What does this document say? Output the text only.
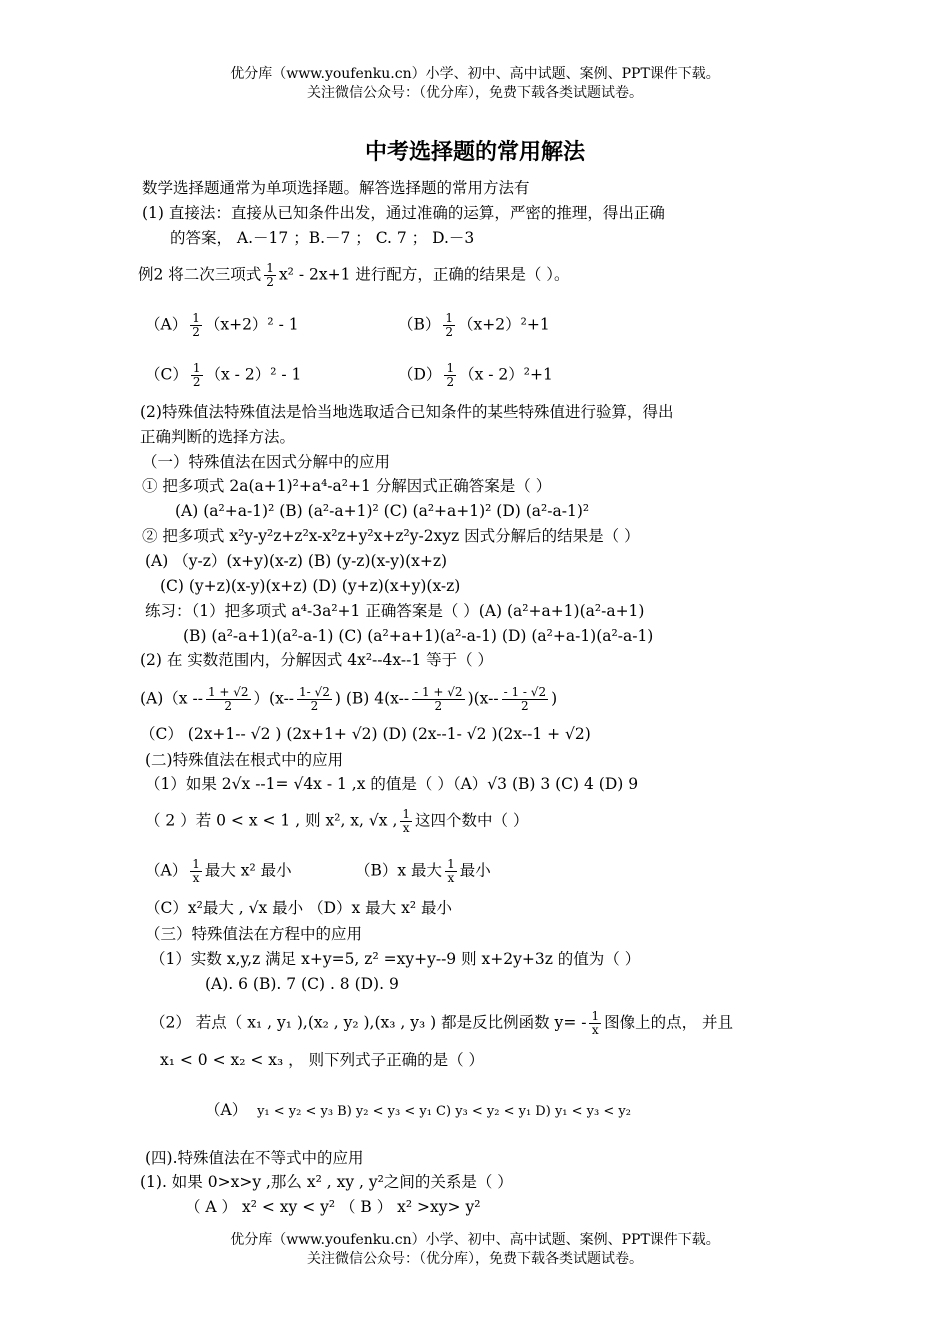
优分库（www.youfenku.cn）小学、初中、高中试题、案例、PPT课件下载。
关注微信公众号：（优分库），免费下载各类试题试卷。
中考选择题的常用解法
数学选择题通常为单项选择题。解答选择题的常用方法有
(1) 直接法：直接从已知条件出发，通过准确的运算，严密的推理，得出正确
的答案， A.－17 ；B.－7 ； C. 7 ； D.－3
例2 将二次三项式 $\frac{1}{2} x^2 - 2x+1$ 进行配方，正确的结果是（ ）。
$(A) \frac{1}{2} (x+2)^2 - 1$	$(B) \frac{1}{2} (x+2)^2+1$
$(C) \frac{1}{2} (x - 2)^2 - 1$	$(D) \frac{1}{2} (x - 2)^2+1$
(2)特殊值法特殊值法是恰当地选取适合已知条件的某些特殊值进行验算，得出
正确判断的选择方法。
（一）特殊值法在因式分解中的应用
① 把多项式 2a(a+1)²+a⁴-a²+1 分解因式正确答案是（ ）
(A) (a²+a-1)² (B) (a²-a+1)² (C) (a²+a+1)² (D) (a²-a-1)²
② 把多项式 x²y-y²z+z²x-x²z+y²x+z²y-2xyz 因式分解后的结果是（ ）
(A) （y-z）(x+y)(x-z) (B) (y-z)(x-y)(x+z)
(C) (y+z)(x-y)(x+z) (D) (y+z)(x+y)(x-z)
练习：（1）把多项式 a⁴-3a²+1 正确答案是（ ）(A) (a²+a+1)(a²-a+1)
(B) (a²-a+1)(a²-a-1) (C) (a²+a+1)(a²-a-1) (D) (a²+a-1)(a²-a-1)
(2) 在 实数范围内，分解因式 4x²--4x--1 等于（ ）
$(A)(x -- \frac{1 + √2}{2} )(x-- \frac{1- √2}{2}$ ) (B) $4(x-- \frac{- 1 + √2}{2} )(x-- \frac{- 1 - √2}{2}$ )
（C） (2x+1-- √2 ) (2x+1+ √2) (D) (2x--1- √2 )(2x--1 + √2)
(二)特殊值法在根式中的应用
（1）如果 2√x --1= √4x - 1 ,x 的值是（ ）（A）√3 (B) 3 (C) 4 (D) 9
（ 2 ）若 0 < x < 1 , 则 x², x, √x , $\frac{1}{x}$ 这四个数中（ ）
$(A) \frac{1}{x}$ 最大 x² 最小	（B）x 最大 $\frac{1}{x}$ 最小
（C）x²最大 , √x 最小 （D）x 最大 x² 最小
（三）特殊值法在方程中的应用
（1）实数 x,y,z 满足 x+y=5, z² =xy+y--9 则 x+2y+3z 的值为（ ）
(A). 6 (B). 7 (C) . 8 (D). 9
（2） 若点（ x₁ , y₁ ),(x₂ , y₂ ),(x₃ , y₃ ) 都是反比例函数 $y= - \frac{1}{x}$ 图像上的点， 并且
x₁ < 0 < x₂ < x₃ ， 则下列式子正确的是（ ）
（A） y₁ < y₂ < y₃ B) y₂ < y₃ < y₁ C) y₃ < y₂ < y₁ D) y₁ < y₃ < y₂
(四).特殊值法在不等式中的应用
(1). 如果 0>x>y ,那么 x² , xy , y²之间的关系是（ ）
（ A ） x² < xy < y² （ B ） x² >xy> y²
优分库（www.youfenku.cn）小学、初中、高中试题、案例、PPT课件下载。
关注微信公众号：（优分库），免费下载各类试题试卷。
